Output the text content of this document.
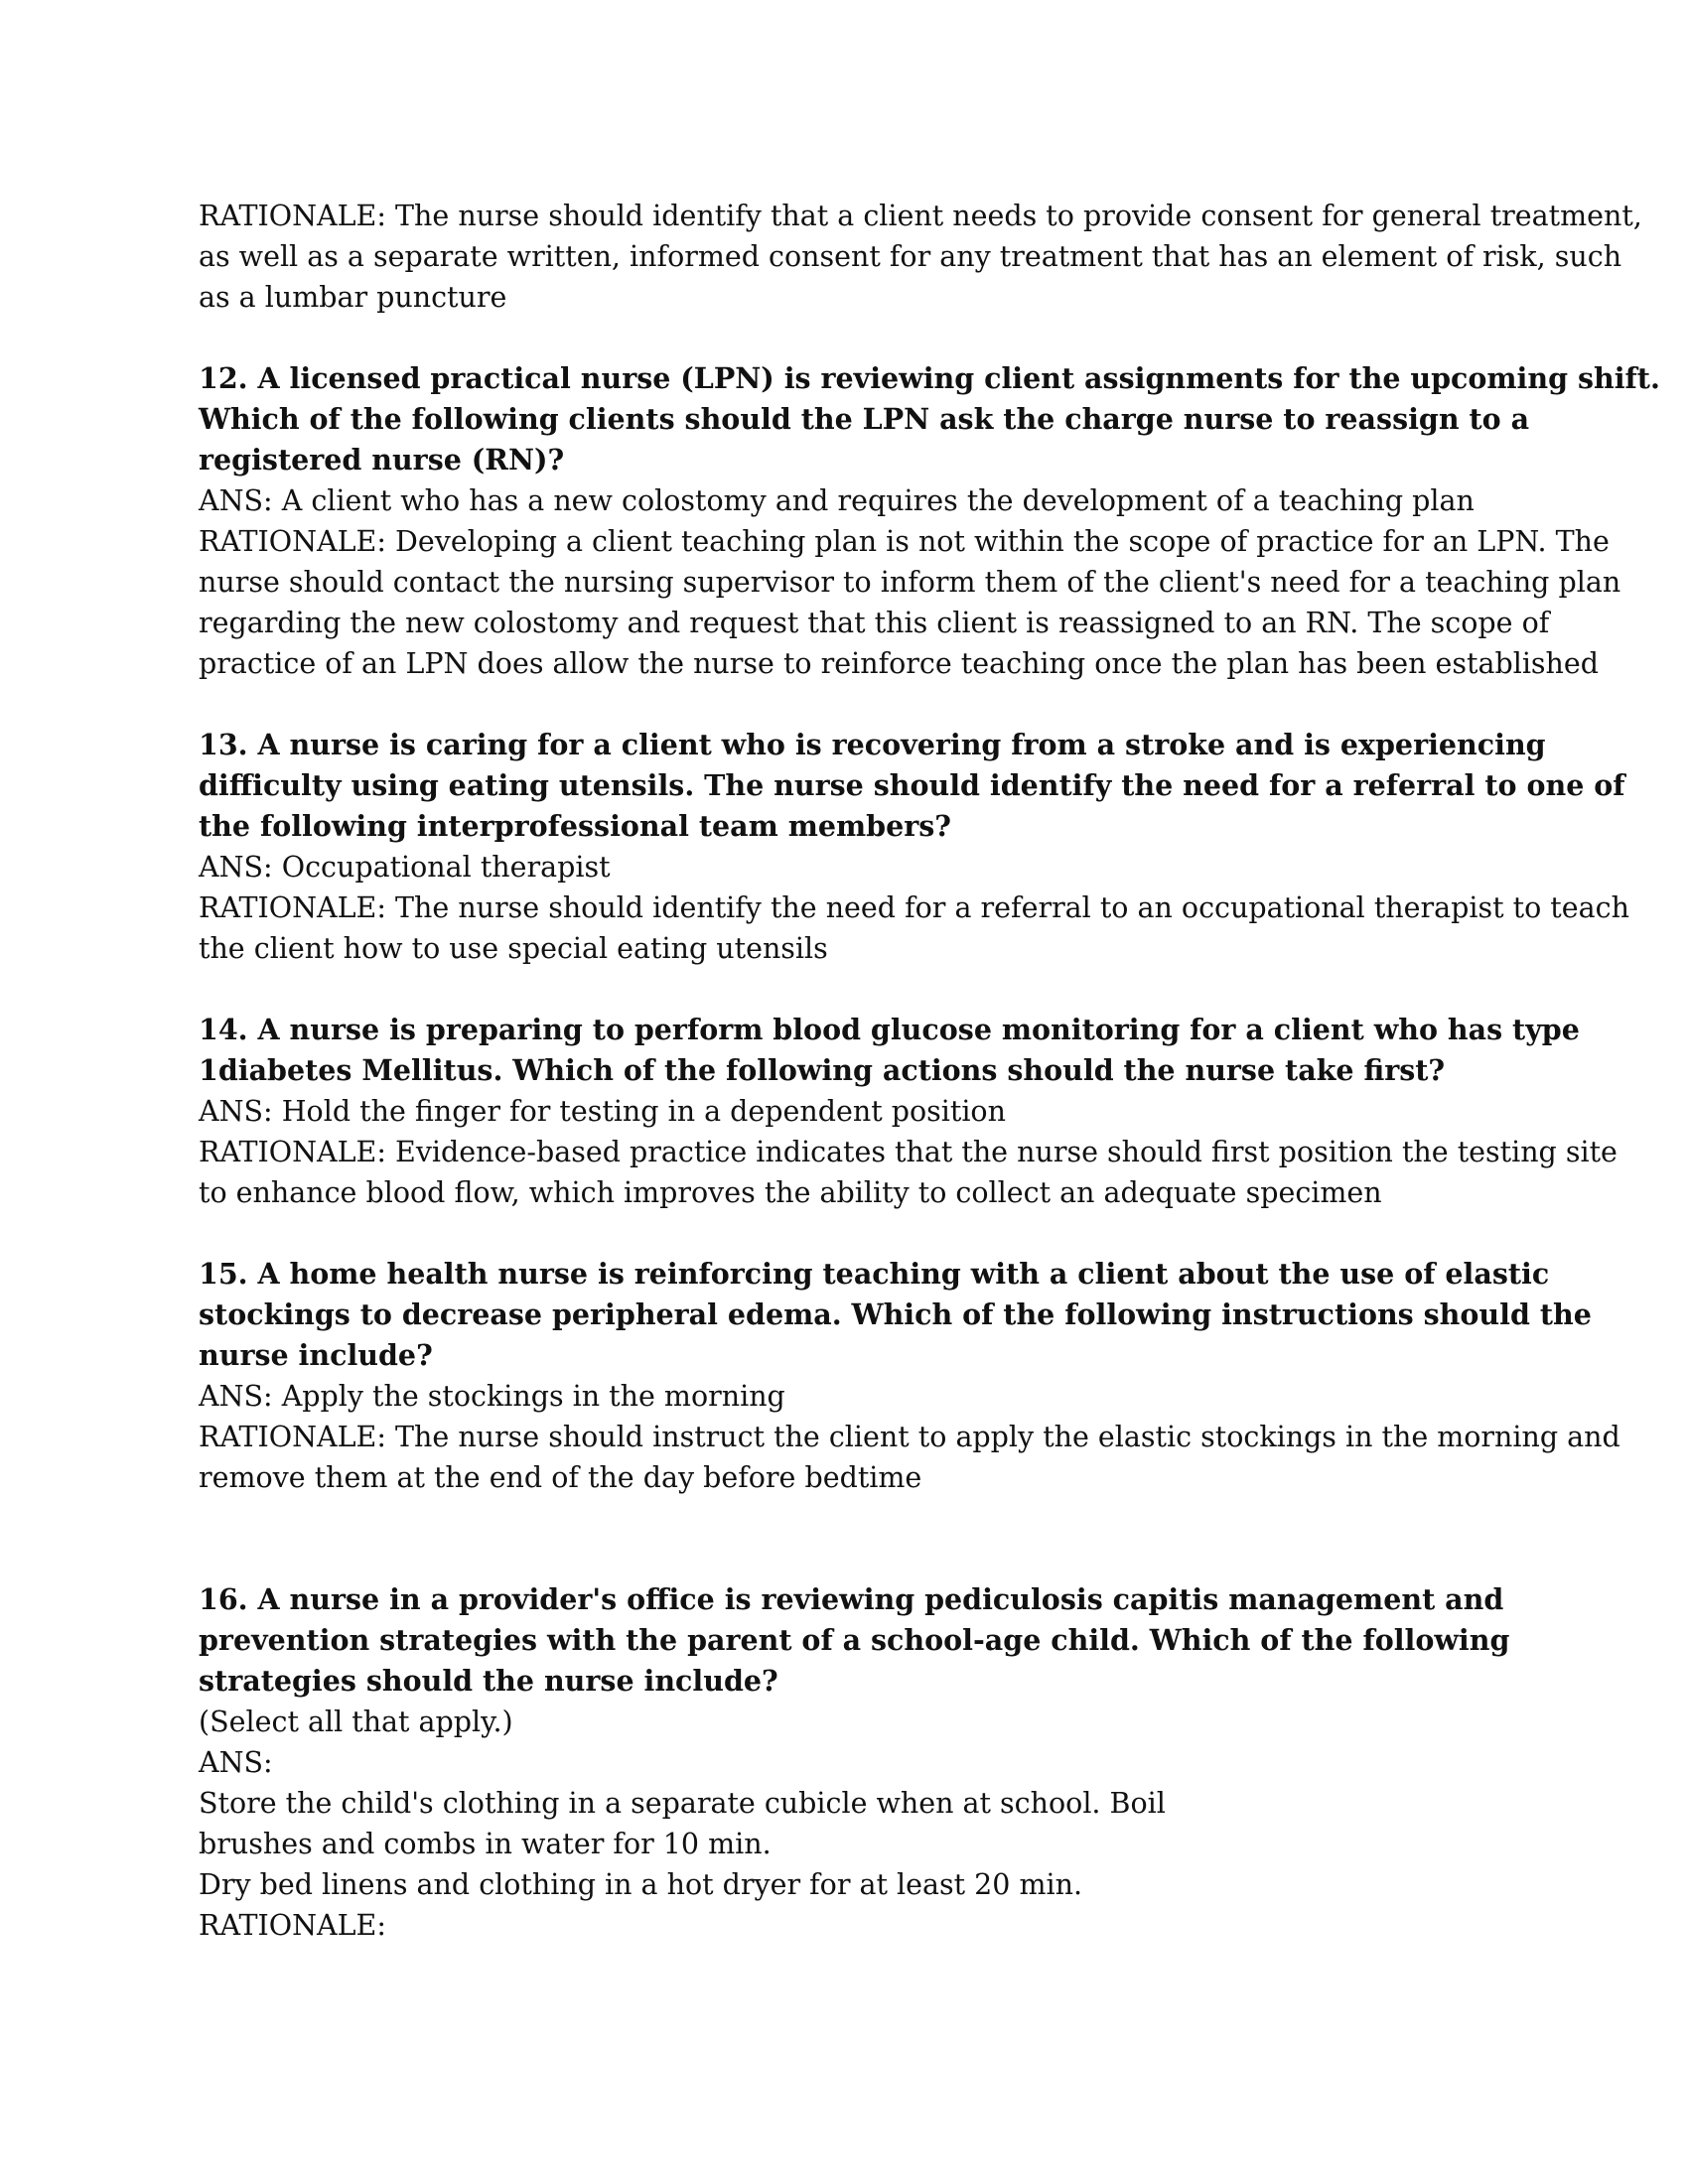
RATIONALE: The nurse should identify that a client needs to provide consent for general treatment,
as well as a separate written, informed consent for any treatment that has an element of risk, such
as a lumbar puncture
12. A licensed practical nurse (LPN) is reviewing client assignments for the upcoming shift.
Which of the following clients should the LPN ask the charge nurse to reassign to a
registered nurse (RN)?
ANS: A client who has a new colostomy and requires the development of a teaching plan
RATIONALE: Developing a client teaching plan is not within the scope of practice for an LPN. The
nurse should contact the nursing supervisor to inform them of the client's need for a teaching plan
regarding the new colostomy and request that this client is reassigned to an RN. The scope of
practice of an LPN does allow the nurse to reinforce teaching once the plan has been established
13. A nurse is caring for a client who is recovering from a stroke and is experiencing
difficulty using eating utensils. The nurse should identify the need for a referral to one of
the following interprofessional team members?
ANS: Occupational therapist
RATIONALE: The nurse should identify the need for a referral to an occupational therapist to teach
the client how to use special eating utensils
14. A nurse is preparing to perform blood glucose monitoring for a client who has type
1diabetes Mellitus. Which of the following actions should the nurse take first?
ANS: Hold the finger for testing in a dependent position
RATIONALE: Evidence-based practice indicates that the nurse should first position the testing site
to enhance blood flow, which improves the ability to collect an adequate specimen
15. A home health nurse is reinforcing teaching with a client about the use of elastic
stockings to decrease peripheral edema. Which of the following instructions should the
nurse include?
ANS: Apply the stockings in the morning
RATIONALE: The nurse should instruct the client to apply the elastic stockings in the morning and
remove them at the end of the day before bedtime
16. A nurse in a provider's office is reviewing pediculosis capitis management and
prevention strategies with the parent of a school-age child. Which of the following
strategies should the nurse include?
(Select all that apply.)
ANS:
Store the child's clothing in a separate cubicle when at school. Boil
brushes and combs in water for 10 min.
Dry bed linens and clothing in a hot dryer for at least 20 min.
RATIONALE:
